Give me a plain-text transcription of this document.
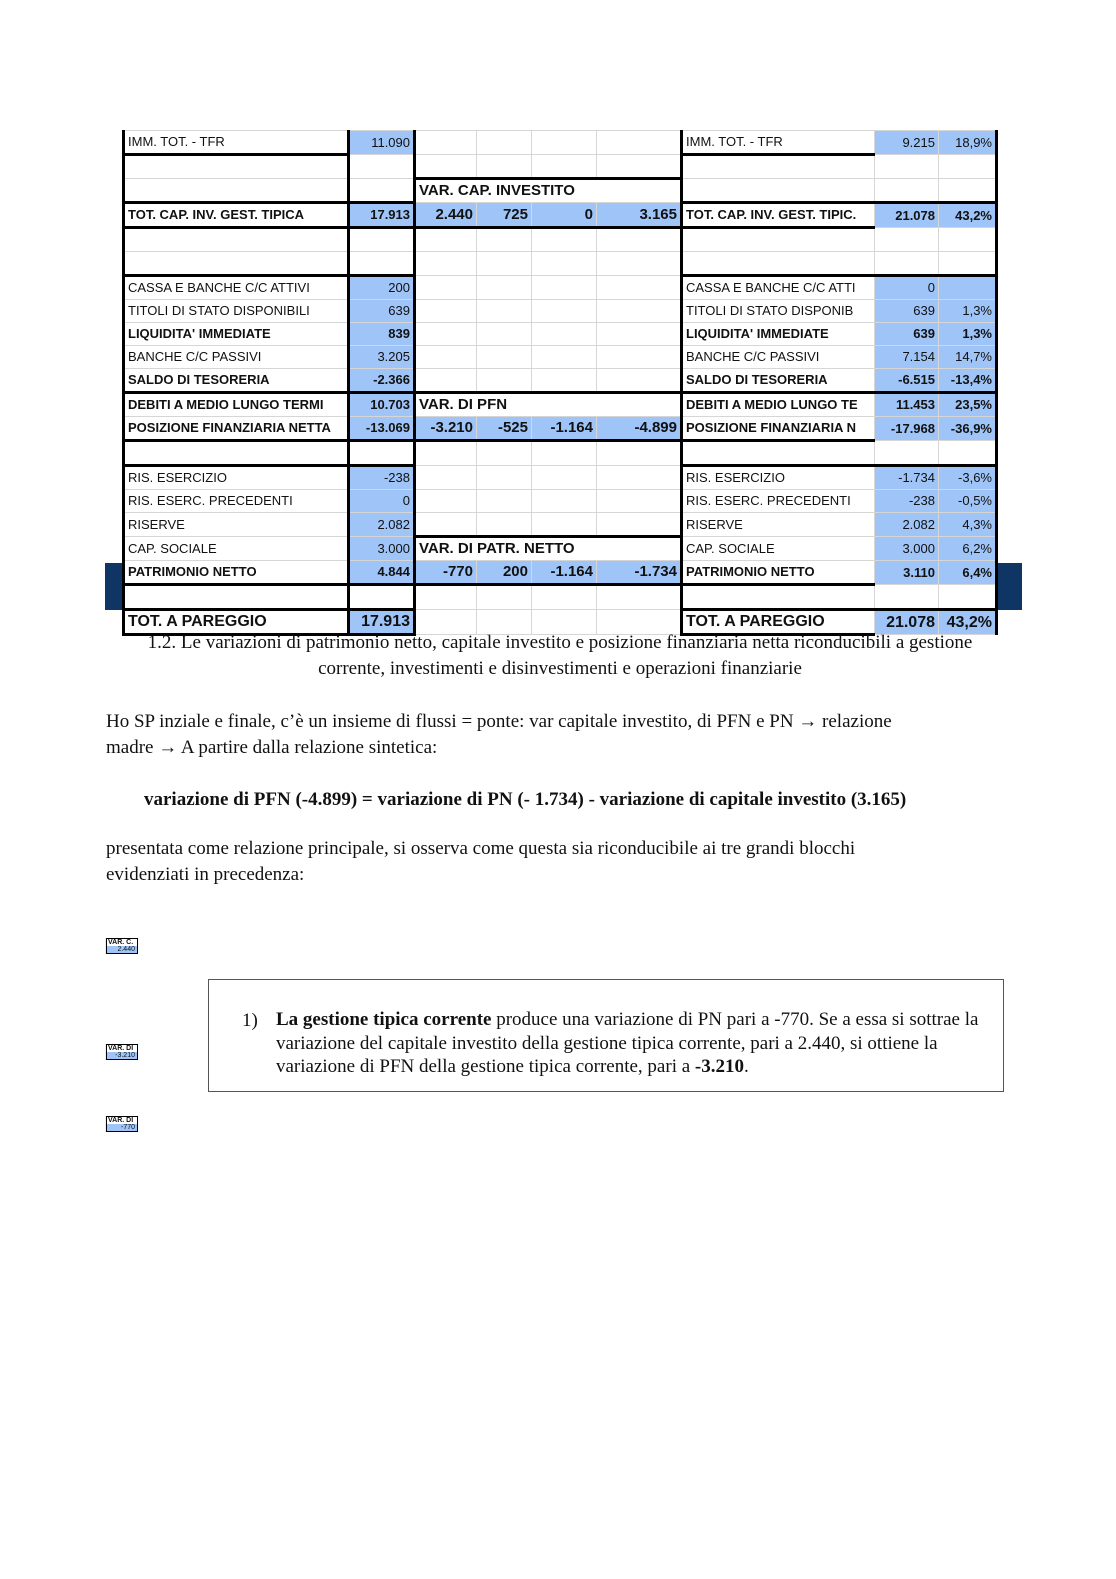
IMM. TOT. - TFR	11.090					IMM. TOT. - TFR	9.215	18,9%

		VAR. CAP. INVESTITO						
TOT. CAP. INV. GEST. TIPICA	17.913	2.440	725	0	3.165	TOT. CAP. INV. GEST. TIPIC.	21.078	43,2%

CASSA E BANCHE C/C ATTIVI	200					CASSA E BANCHE C/C ATTI	0	
TITOLI DI STATO DISPONIBILI	639					TITOLI DI STATO DISPONIB	639	1,3%
LIQUIDITA' IMMEDIATE	839					LIQUIDITA' IMMEDIATE	639	1,3%
BANCHE C/C PASSIVI	3.205					BANCHE C/C PASSIVI	7.154	14,7%
SALDO DI TESORERIA	-2.366					SALDO DI TESORERIA	-6.515	-13,4%
DEBITI A MEDIO LUNGO TERMI	10.703	VAR. DI PFN				DEBITI A MEDIO LUNGO TE	11.453	23,5%
POSIZIONE FINANZIARIA NETTA	-13.069	-3.210	-525	-1.164	-4.899	POSIZIONE FINANZIARIA N	-17.968	-36,9%

RIS. ESERCIZIO	-238					RIS. ESERCIZIO	-1.734	-3,6%
RIS. ESERC. PRECEDENTI	0					RIS. ESERC. PRECEDENTI	-238	-0,5%
RISERVE	2.082					RISERVE	2.082	4,3%
CAP. SOCIALE	3.000	VAR. DI PATR. NETTO				CAP. SOCIALE	3.000	6,2%
PATRIMONIO NETTO	4.844	-770	200	-1.164	-1.734	PATRIMONIO NETTO	3.110	6,4%

TOT. A PAREGGIO	17.913					TOT. A PAREGGIO	21.078	43,2%
1.2. Le variazioni di patrimonio netto, capitale investito e posizione finanziaria netta riconducibili a gestione
corrente, investimenti e disinvestimenti e operazioni finanziarie
Ho SP inziale e finale, c’è un insieme di flussi = ponte: var capitale investito, di PFN e PN → relazione
madre → A partire dalla relazione sintetica:
variazione di PFN (-4.899) = variazione di PN (- 1.734) - variazione di capitale investito (3.165)
presentata come relazione principale, si osserva come questa sia riconducibile ai tre grandi blocchi
evidenziati in precedenza:
VAR. C.
2.440
VAR. DI
-3.210
VAR. DI
-770
1) La gestione tipica corrente produce una variazione di PN pari a -770. Se a essa si sottrae la variazione del capitale investito della gestione tipica corrente, pari a 2.440, si ottiene la variazione di PFN della gestione tipica corrente, pari a -3.210.
